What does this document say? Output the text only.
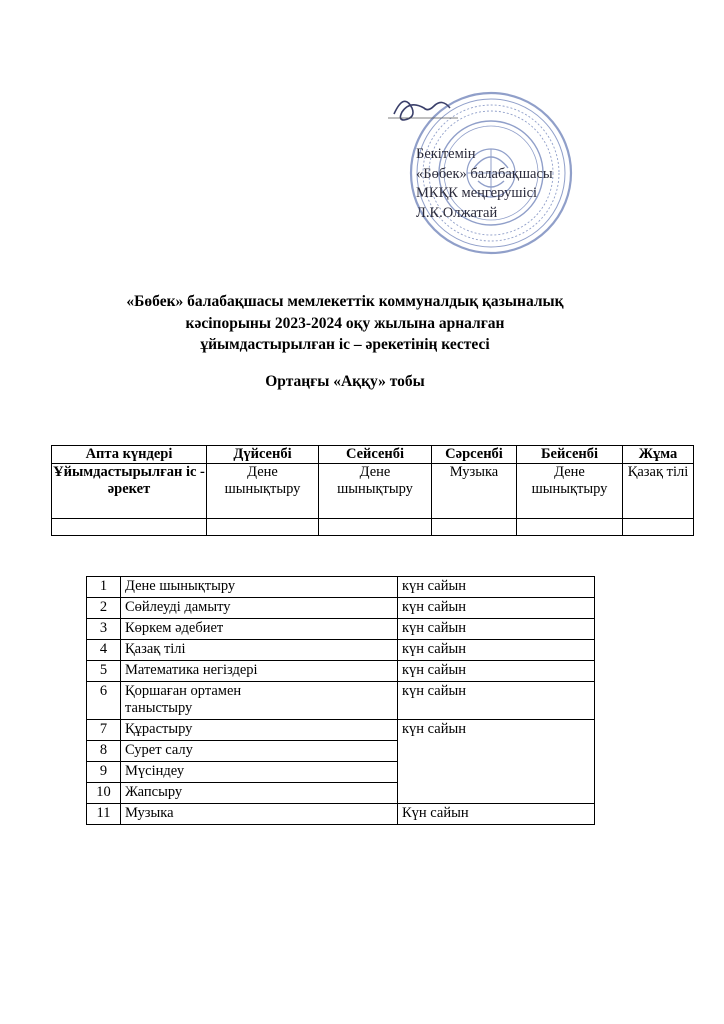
Бекітемін
«Бөбек» балабақшасы
МКҚК меңгерушісі
Л.К.Олжатай
«Бөбек» балабақшасы мемлекеттік коммуналдық қазыналық
кәсіпорыны 2023-2024 оқу жылына арналған
ұйымдастырылған іс – әрекетінің кестесі
Ортаңғы «Аққу» тобы
Апта күндері	Дүйсенбі	Сейсенбі	Сәрсенбі	Бейсенбі	Жұма
Ұйымдастырылған іс - әрекет	Дене шынықтыру	Дене шынықтыру	Музыка	Дене шынықтыру	Қазақ тілі

1	Дене шынықтыру	күн сайын
2	Сөйлеуді дамыту	күн сайын
3	Көркем әдебиет	күн сайын
4	Қазақ тілі	күн сайын
5	Математика негіздері	күн сайын
6	Қоршаған ортамен таныстыру	күн сайын
7	Құрастыру	күн сайын
8	Сурет салу	
9	Мүсіндеу	
10	Жапсыру	
11	Музыка	Күн сайын
